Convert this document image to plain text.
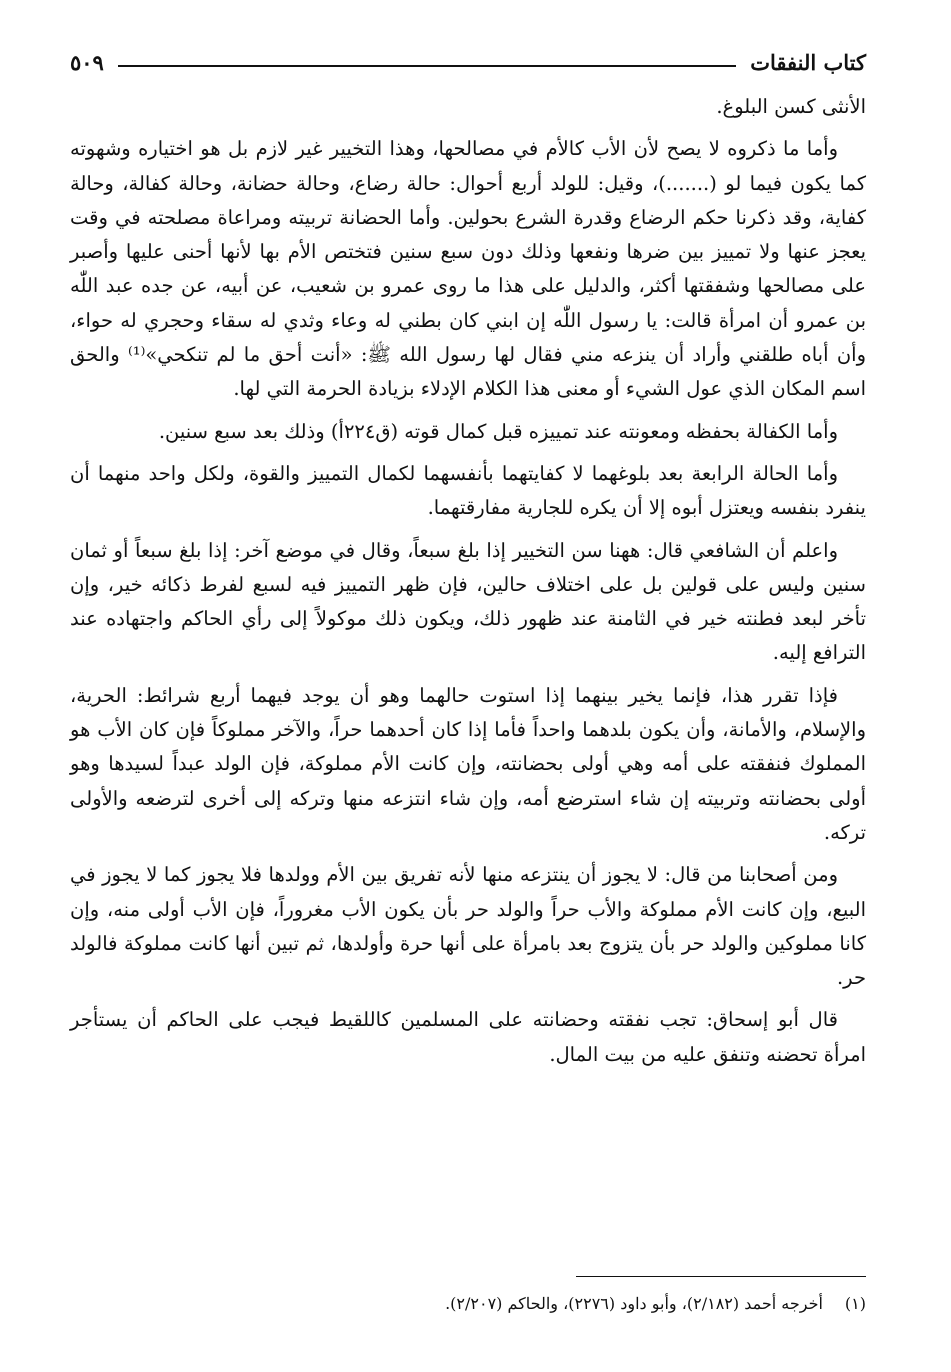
كتاب النفقات
٥٠٩

الأنثى كسن البلوغ.

وأما ما ذكروه لا يصح لأن الأب كالأم في مصالحها، وهذا التخيير غير لازم بل هو اختياره وشهوته كما يكون فيما لو (.......)، وقيل: للولد أربع أحوال: حالة رضاع، وحالة حضانة، وحالة كفالة، وحالة كفاية، وقد ذكرنا حكم الرضاع وقدرة الشرع بحولين. وأما الحضانة تربيته ومراعاة مصلحته في وقت يعجز عنها ولا تمييز بين ضرها ونفعها وذلك دون سبع سنين فتختص الأم بها لأنها أحنى عليها وأصبر على مصالحها وشفقتها أكثر، والدليل على هذا ما روى عمرو بن شعيب، عن أبيه، عن جده عبد اللّٰه بن عمرو أن امرأة قالت: يا رسول اللّٰه إن ابني كان بطني له وعاء وثدي له سقاء وحجري له حواء، وأن أباه طلقني وأراد أن ينزعه مني فقال لها رسول الله ﷺ: «أنت أحق ما لم تنكحي»⁽¹⁾ والحق اسم المكان الذي عول الشيء أو معنى هذا الكلام الإدلاء بزيادة الحرمة التي لها.

وأما الكفالة بحفظه ومعونته عند تمييزه قبل كمال قوته (ق٢٢٤أ) وذلك بعد سبع سنين.

وأما الحالة الرابعة بعد بلوغهما لا كفايتهما بأنفسهما لكمال التمييز والقوة، ولكل واحد منهما أن ينفرد بنفسه ويعتزل أبوه إلا أن يكره للجارية مفارقتهما.

واعلم أن الشافعي قال: ههنا سن التخيير إذا بلغ سبعاً، وقال في موضع آخر: إذا بلغ سبعاً أو ثمان سنين وليس على قولين بل على اختلاف حالين، فإن ظهر التمييز فيه لسبع لفرط ذكائه خير، وإن تأخر لبعد فطنته خير في الثامنة عند ظهور ذلك، ويكون ذلك موكولاً إلى رأي الحاكم واجتهاده عند الترافع إليه.

فإذا تقرر هذا، فإنما يخير بينهما إذا استوت حالهما وهو أن يوجد فيهما أربع شرائط: الحرية، والإسلام، والأمانة، وأن يكون بلدهما واحداً فأما إذا كان أحدهما حراً، والآخر مملوكاً فإن كان الأب هو المملوك فنفقته على أمه وهي أولى بحضانته، وإن كانت الأم مملوكة، فإن الولد عبداً لسيدها وهو أولى بحضانته وتربيته إن شاء استرضع أمه، وإن شاء انتزعه منها وتركه إلى أخرى لترضعه والأولى تركه.

ومن أصحابنا من قال: لا يجوز أن ينتزعه منها لأنه تفريق بين الأم وولدها فلا يجوز كما لا يجوز في البيع، وإن كانت الأم مملوكة والأب حراً والولد حر بأن يكون الأب مغروراً، فإن الأب أولى منه، وإن كانا مملوكين والولد حر بأن يتزوج بعد بامرأة على أنها حرة وأولدها، ثم تبين أنها كانت مملوكة فالولد حر.

قال أبو إسحاق: تجب نفقته وحضانته على المسلمين كاللقيط فيجب على الحاكم أن يستأجر امرأة تحضنه وتنفق عليه من بيت المال.

(١)أخرجه أحمد (٢/١٨٢)، وأبو داود (٢٢٧٦)، والحاكم (٢/٢٠٧).
